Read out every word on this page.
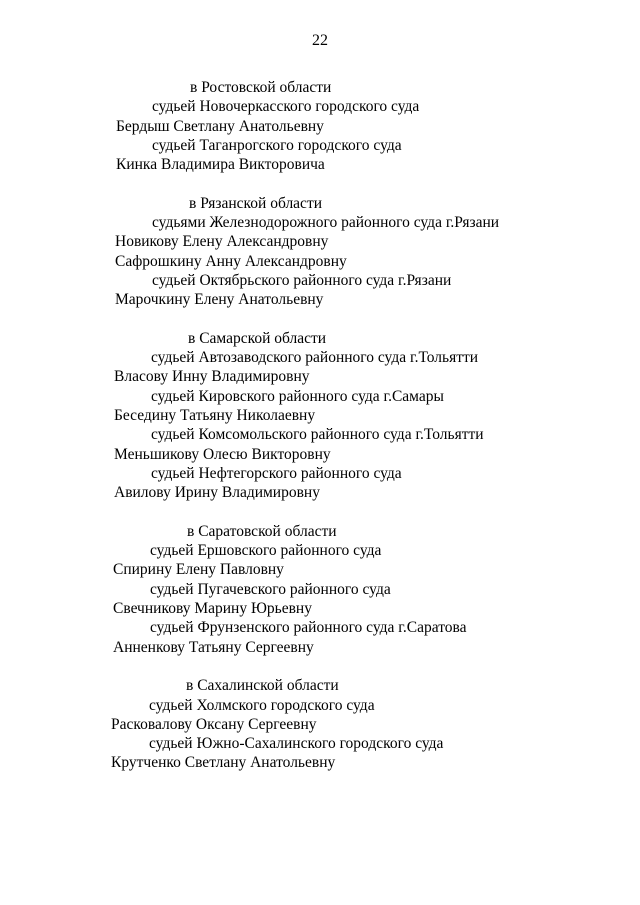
22
в Ростовской области
судьей Новочеркасского городского суда
Бердыш Светлану Анатольевну
судьей Таганрогского городского суда
Кинка Владимира Викторовича
в Рязанской области
судьями Железнодорожного районного суда г.Рязани
Новикову Елену Александровну
Сафрошкину Анну Александровну
судьей Октябрьского районного суда г.Рязани
Марочкину Елену Анатольевну
в Самарской области
судьей Автозаводского районного суда г.Тольятти
Власову Инну Владимировну
судьей Кировского районного суда г.Самары
Бесединy Татьяну Николаевну
судьей Комсомольского районного суда г.Тольятти
Меньшикову Олесю Викторовну
судьей Нефтегорского районного суда
Авилову Ирину Владимировну
в Саратовской области
судьей Ершовского районного суда
Спирину Елену Павловну
судьей Пугачевского районного суда
Свечникову Марину Юрьевну
судьей Фрунзенского районного суда г.Саратова
Анненкову Татьяну Сергеевну
в Сахалинской области
судьей Холмского городского суда
Расковалову Оксану Сергеевну
судьей Южно-Сахалинского городского суда
Крутченко Светлану Анатольевну
